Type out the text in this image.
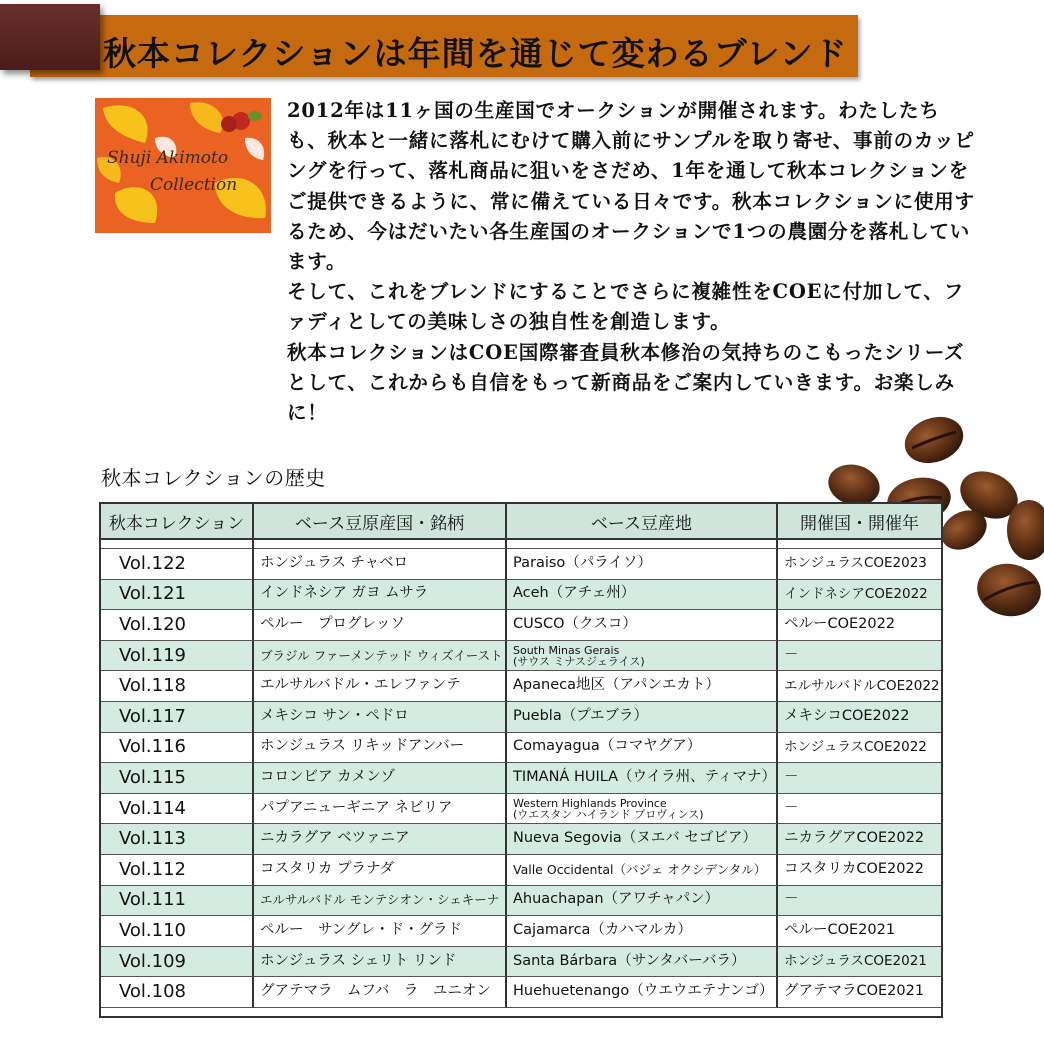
秋本コレクションは年間を通じて変わるブレンド
Shuji Akimoto
Collection

2012年は11ヶ国の生産国でオークションが開催されます。わたしたちも、秋本と一緒に落札にむけて購入前にサンプルを取り寄せ、事前のカッピングを行って、落札商品に狙いをさだめ、1年を通して秋本コレクションをご提供できるように、常に備えている日々です。秋本コレクションに使用するため、今はだいたい各生産国のオークションで1つの農園分を落札しています。

そして、これをブレンドにすることでさらに複雑性をCOEに付加して、ファディとしての美味しさの独自性を創造します。

秋本コレクションはCOE国際審査員秋本修治の気持ちのこもったシリーズとして、これからも自信をもって新商品をご案内していきます。お楽しみに！

秋本コレクションの歴史
秋本コレクション	ベース豆原産国・銘柄	ベース豆産地	開催国・開催年

Vol.122	ホンジュラス チャベロ	Paraiso（パライソ）	ホンジュラスCOE2023
Vol.121	インドネシア ガヨ ムサラ	Aceh（アチェ州）	インドネシアCOE2022
Vol.120	ペルー　プログレッソ	CUSCO（クスコ）	ペルーCOE2022
Vol.119	ブラジル ファーメンテッド ウィズイースト	South Minas Gerais
(サウス ミナスジェライス)	－
Vol.118	エルサルバドル・エレファンテ	Apaneca地区（アパンエカト）	エルサルバドルCOE2022
Vol.117	メキシコ サン・ペドロ	Puebla（プエブラ）	メキシコCOE2022
Vol.116	ホンジュラス リキッドアンバー	Comayagua（コマヤグア）	ホンジュラスCOE2022
Vol.115	コロンビア カメンゾ	TIMANÁ HUILA（ウイラ州、ティマナ）	－
Vol.114	パプアニューギニア ネビリア	Western Highlands Province
(ウエスタン ハイランド プロヴィンス)	－
Vol.113	ニカラグア ベツァニア	Nueva Segovia（ヌエバ セゴビア）	ニカラグアCOE2022
Vol.112	コスタリカ プラナダ	Valle Occidental（バジェ オクシデンタル）	コスタリカCOE2022
Vol.111	エルサルバドル モンテシオン・シェキーナ	Ahuachapan（アワチャパン）	－
Vol.110	ペルー　サングレ・ド・グラド	Cajamarca（カハマルカ）	ペルーCOE2021
Vol.109	ホンジュラス シェリト リンド	Santa Bárbara（サンタバーバラ）	ホンジュラスCOE2021
Vol.108	グアテマラ　ムフバ　ラ　ユニオン	Huehuetenango（ウエウエテナンゴ）	グアテマラCOE2021
